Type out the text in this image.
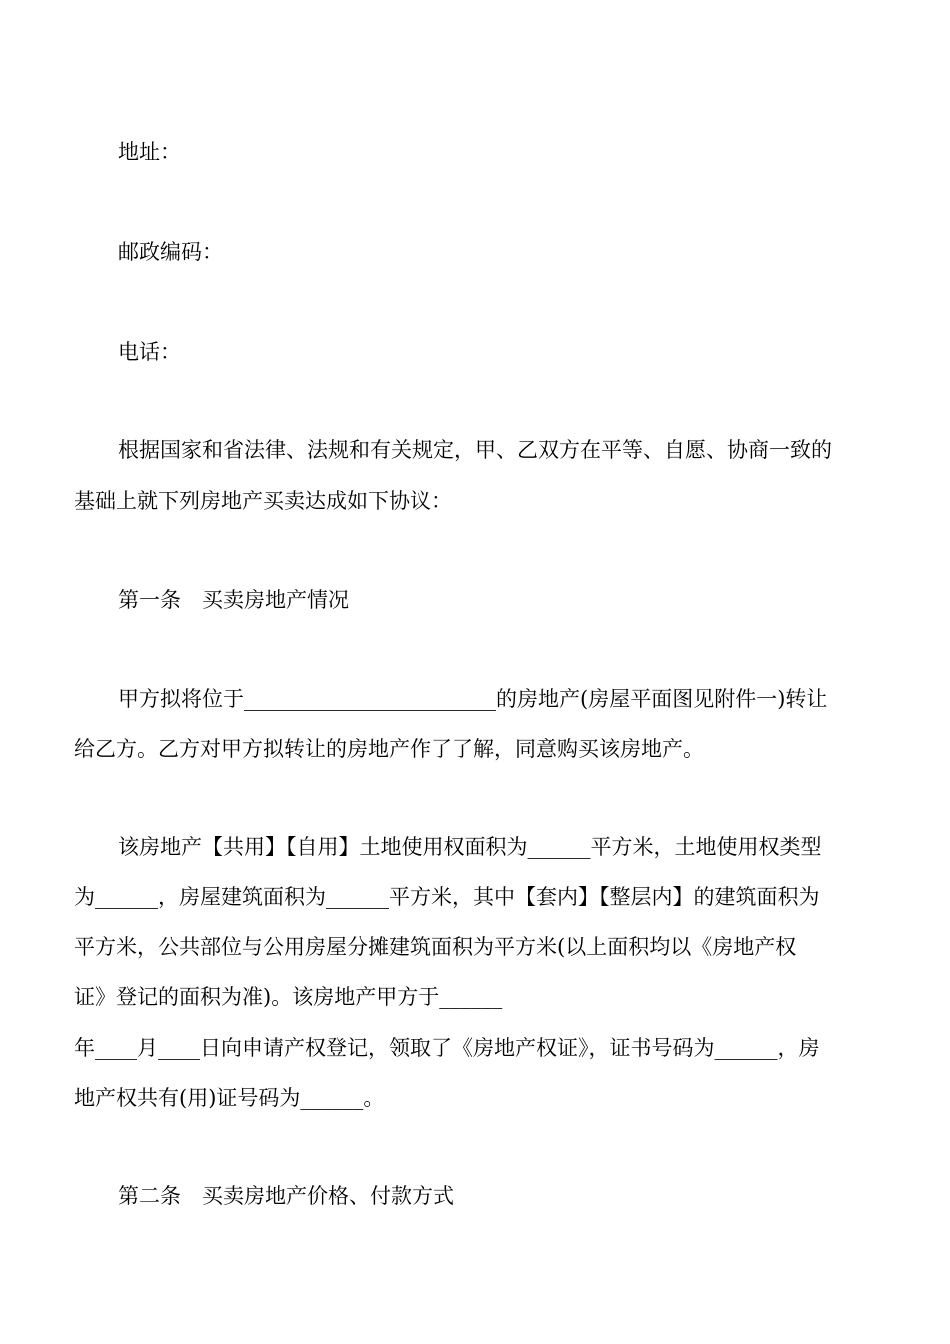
地址：
邮政编码：
电话：
根据国家和省法律、法规和有关规定，甲、乙双方在平等、自愿、协商一致的
基础上就下列房地产买卖达成如下协议：
第一条　买卖房地产情况
甲方拟将位于________________________的房地产(房屋平面图见附件一)转让
给乙方。乙方对甲方拟转让的房地产作了了解，同意购买该房地产。
该房地产【共用】【自用】土地使用权面积为______平方米，土地使用权类型
为______，房屋建筑面积为______平方米，其中【套内】【整层内】的建筑面积为
平方米，公共部位与公用房屋分摊建筑面积为平方米(以上面积均以《房地产权
证》登记的面积为准)。该房地产甲方于______
年____月____日向申请产权登记，领取了《房地产权证》，证书号码为______，房
地产权共有(用)证号码为______。
第二条　买卖房地产价格、付款方式
